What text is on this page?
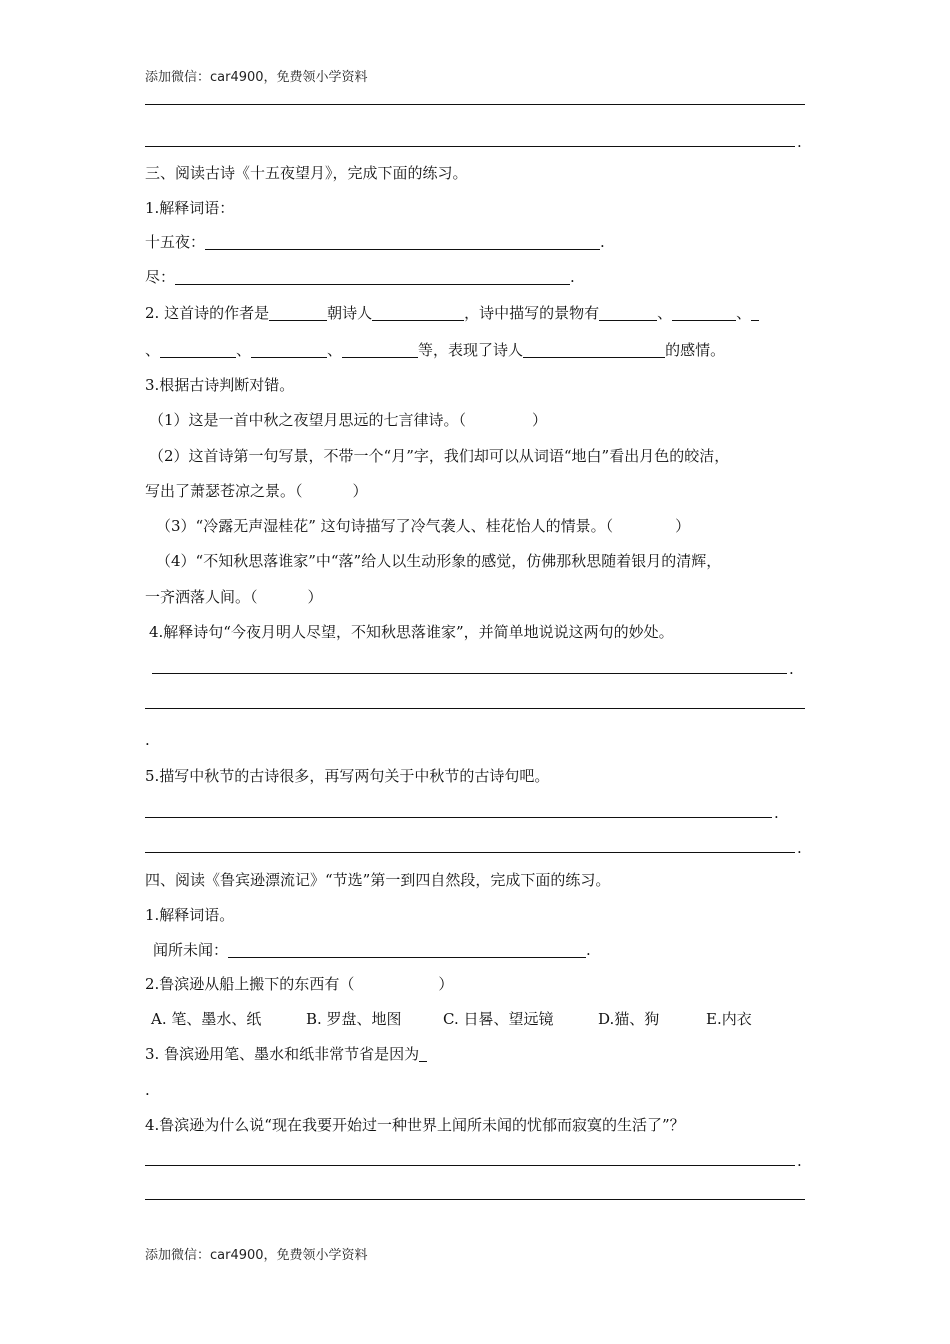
添加微信：car4900，免费领小学资料
.
三、阅读古诗《十五夜望月》，完成下面的练习。
1.解释词语：
十五夜：	.
尽：	.
2. 这首诗的作者是	朝诗人	，诗中描写的景物有	、	、
、	、	、	等，表现了诗人	的感情。
3.根据古诗判断对错。
（1）这是一首中秋之夜望月思远的七言律诗。（	）
（2）这首诗第一句写景，不带一个“月”字，我们却可以从词语“地白”看出月色的皎洁，
写出了萧瑟苍凉之景。（	）
（3）“冷露无声湿桂花” 这句诗描写了冷气袭人、桂花怡人的情景。（	）
（4）“不知秋思落谁家”中“落”给人以生动形象的感觉，仿佛那秋思随着银月的清辉，
一齐洒落人间。（	）
4.解释诗句“今夜月明人尽望，不知秋思落谁家”，并简单地说说这两句的妙处。
.
.
5.描写中秋节的古诗很多，再写两句关于中秋节的古诗句吧。
.
.
四、阅读《鲁宾逊漂流记》“节选”第一到四自然段，完成下面的练习。
1.解释词语。
闻所未闻：	.
2.鲁滨逊从船上搬下的东西有（	）
A. 笔、墨水、纸	B. 罗盘、地图	C. 日晷、望远镜	D.猫、狗	E.内衣
3. 鲁滨逊用笔、墨水和纸非常节省是因为
.
4.鲁滨逊为什么说“现在我要开始过一种世界上闻所未闻的忧郁而寂寞的生活了”？
.
添加微信：car4900，免费领小学资料
